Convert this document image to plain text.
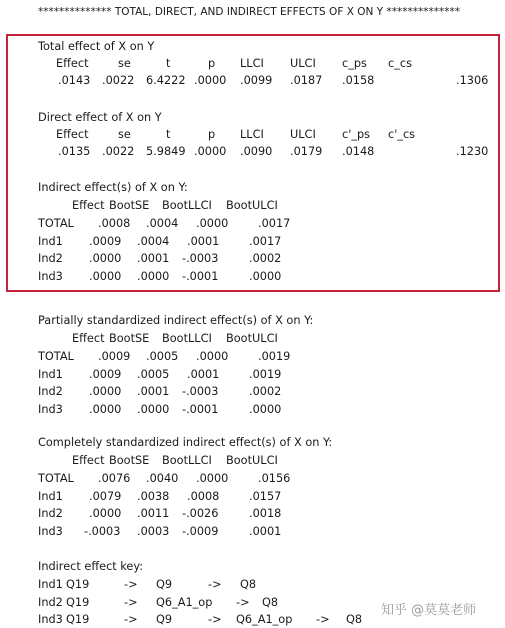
************** TOTAL, DIRECT, AND INDIRECT EFFECTS OF X ON Y **************
Total effect of X on Y
Effect	se	t	p LLCI ULCI c_ps c_cs
.0143 .0022 6.4222 .0000 .0099 .0187 .0158	.1306
Direct effect of X on Y
Effect	se	t	p LLCI ULCI c'_ps c'_cs
.0135 .0022 5.9849 .0000 .0090 .0179 .0148	.1230
Indirect effect(s) of X on Y:
Effect BootSE BootLLCI BootULCI
TOTAL .0008 .0004 .0000	.0017
Ind1 .0009 .0004 .0001	.0017
Ind2 .0000 .0001 -.0003	.0002
Ind3 .0000 .0000 -.0001	.0000
Partially standardized indirect effect(s) of X on Y:
Effect BootSE BootLLCI BootULCI
TOTAL .0009 .0005 .0000	.0019
Ind1 .0009 .0005 .0001	.0019
Ind2 .0000 .0001 -.0003	.0002
Ind3 .0000 .0000 -.0001	.0000
Completely standardized indirect effect(s) of X on Y:
Effect BootSE BootLLCI BootULCI
TOTAL .0076 .0040 .0000	.0156
Ind1 .0079 .0038 .0008	.0157
Ind2 .0000 .0011 -.0026	.0018
Ind3 -.0003 .0003 -.0009	.0001
Indirect effect key:
Ind1 Q19	-> Q9	-> Q8
Ind2 Q19	-> Q6_A1_op -> Q8
Ind3 Q19	-> Q9	-> Q6_A1_op -> Q8
知乎 @莫莫老师
